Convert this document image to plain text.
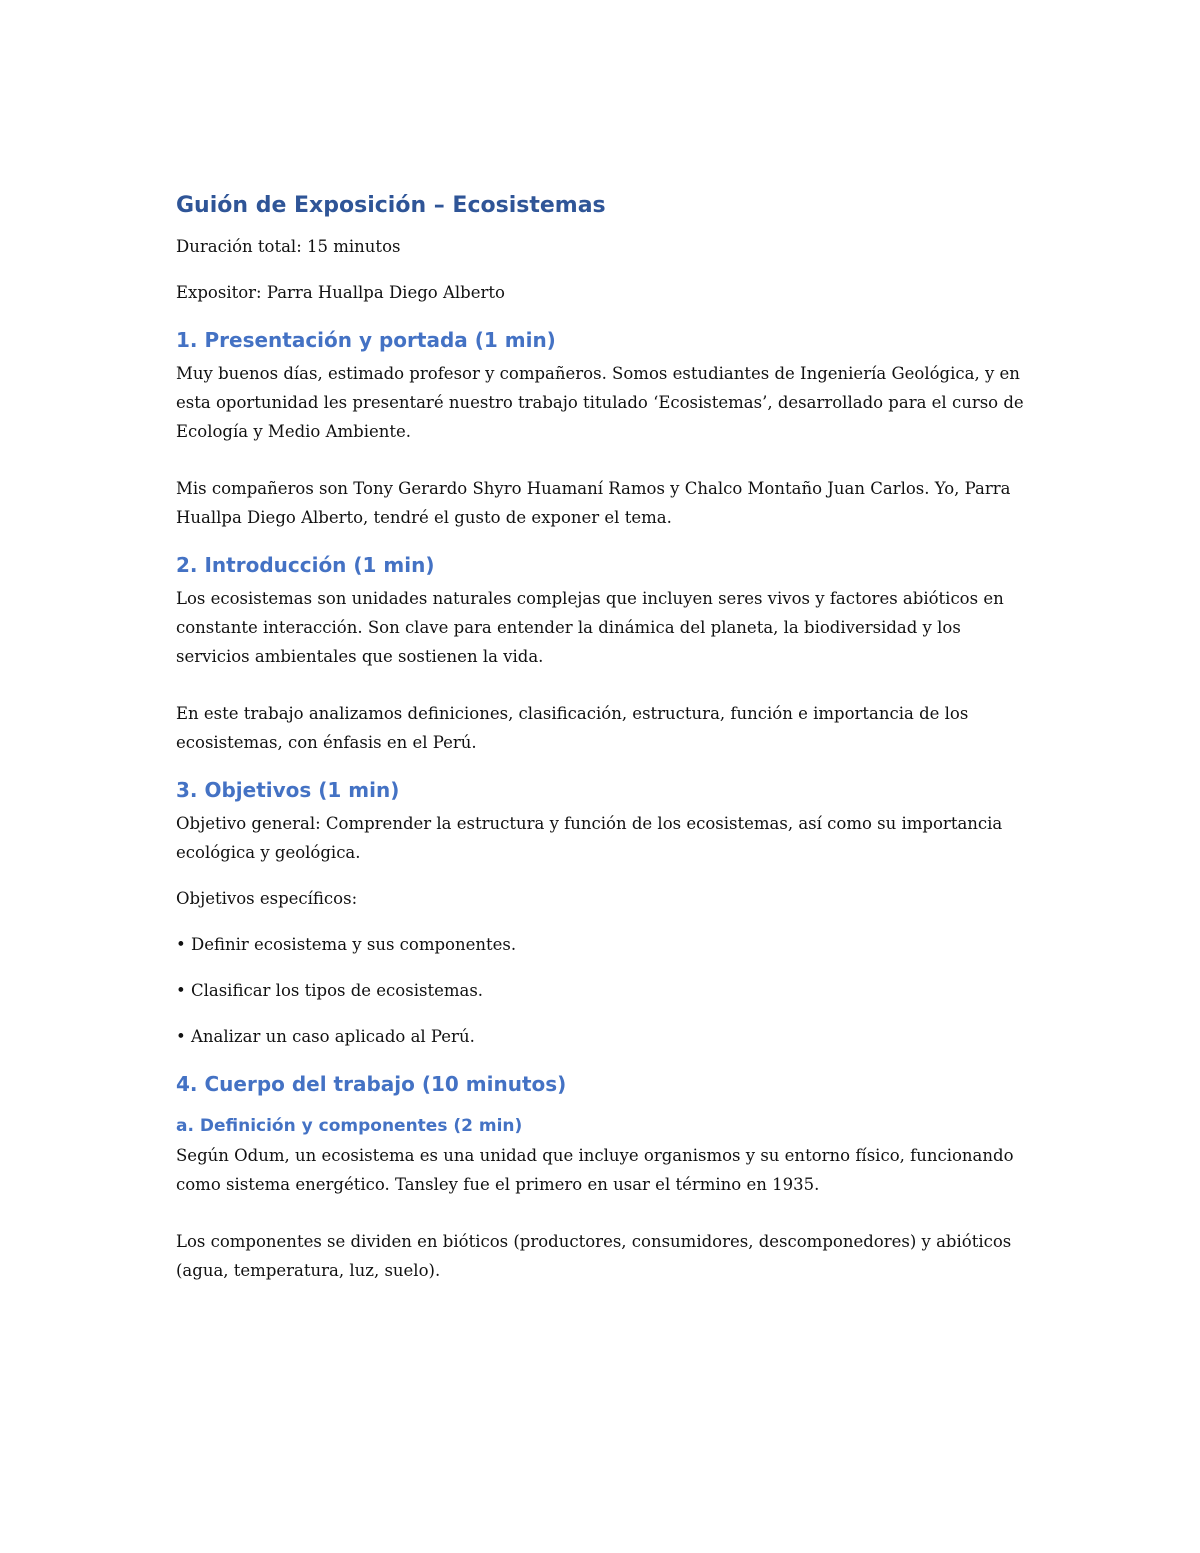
Guión de Exposición – Ecosistemas

Duración total: 15 minutos

Expositor: Parra Huallpa Diego Alberto

1. Presentación y portada (1 min)

Muy buenos días, estimado profesor y compañeros. Somos estudiantes de Ingeniería Geológica, y en esta oportunidad les presentaré nuestro trabajo titulado ‘Ecosistemas’, desarrollado para el curso de Ecología y Medio Ambiente.

Mis compañeros son Tony Gerardo Shyro Huamaní Ramos y Chalco Montaño Juan Carlos. Yo, Parra Huallpa Diego Alberto, tendré el gusto de exponer el tema.

2. Introducción (1 min)

Los ecosistemas son unidades naturales complejas que incluyen seres vivos y factores abióticos en constante interacción. Son clave para entender la dinámica del planeta, la biodiversidad y los servicios ambientales que sostienen la vida.

En este trabajo analizamos definiciones, clasificación, estructura, función e importancia de los ecosistemas, con énfasis en el Perú.

3. Objetivos (1 min)

Objetivo general: Comprender la estructura y función de los ecosistemas, así como su importancia ecológica y geológica.

Objetivos específicos:

• Definir ecosistema y sus componentes.

• Clasificar los tipos de ecosistemas.

• Analizar un caso aplicado al Perú.

4. Cuerpo del trabajo (10 minutos)
a. Definición y componentes (2 min)

Según Odum, un ecosistema es una unidad que incluye organismos y su entorno físico, funcionando como sistema energético. Tansley fue el primero en usar el término en 1935.

Los componentes se dividen en bióticos (productores, consumidores, descomponedores) y abióticos (agua, temperatura, luz, suelo).
